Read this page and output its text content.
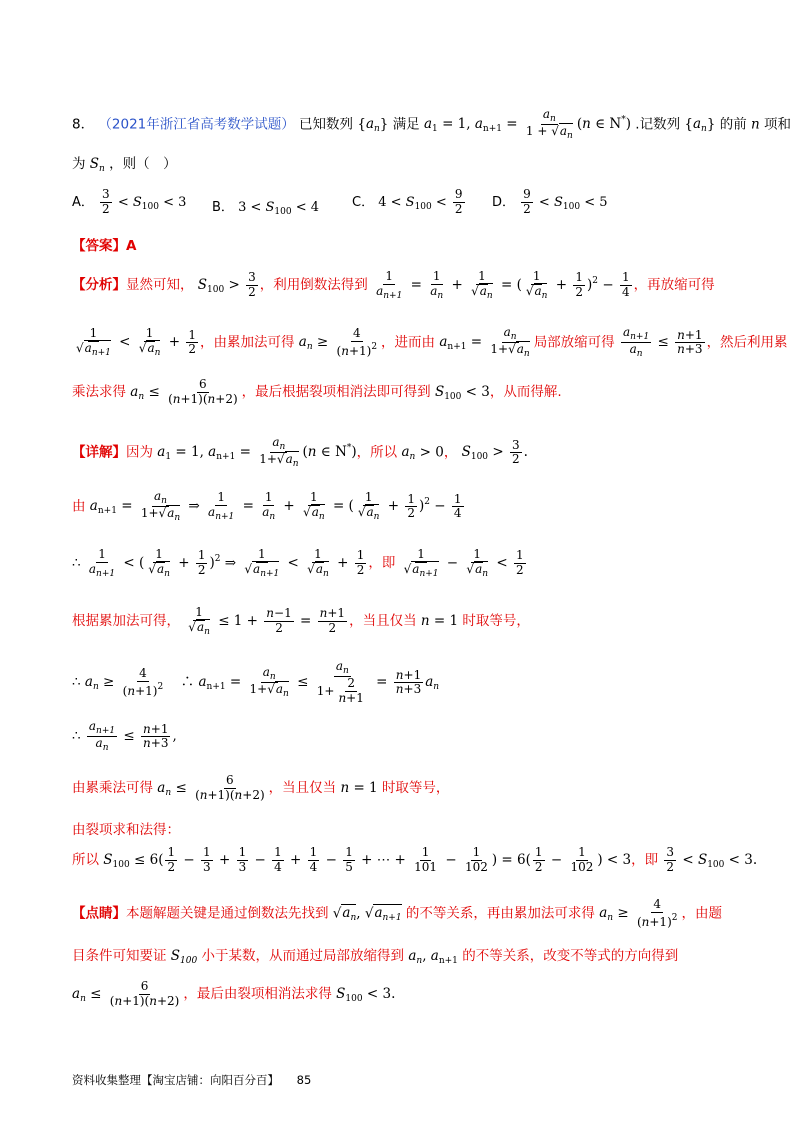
8． （2021年浙江省高考数学试题） 已知数列 $\{a_n\}$ 满足 $a_1 = 1$, $a_{n+1} = \frac{a_n}{1 + √a_n} (n$ ∈ N*) .记数列 $\{a_n\}$ 的前 n 项和
为 $S_n$ ，则（　）
A． $\frac{3}{2} < S_{100} < 3$ B． $3 < S_{100} < 4$	C． $4 < S_{100} < \frac{9}{2}$ D． $\frac{9}{2} < S_{100} < 5$
【答案】A
【分析】显然可知， $S_{100} > \frac{3}{2}$ ，利用倒数法得到 $\frac{1}{a_{n+1}} = \frac{1}{a_n} + \frac{1}{√a_n}$ = ( $\frac{1}{√a_n} + \frac{1}{2} )^2 - \frac{1}{4}$ ，再放缩可得
$\frac{1}{√a_{n+1}} < \frac{1}{√a_n} + \frac{1}{2}$ ，由累加法可得 $a_n \ge \frac{4}{(n+1)^2}$ ，进而由 $a_{n+1} = \frac{a_n}{1+√a_n}$ 局部放缩可得 $\frac{a_{n+1}}{a_n} \le \frac{n+1}{n+3}$ ，然后利用累
乘法求得 $a_n \le \frac{6}{(n+1)(n+2)}$ ，最后根据裂项相消法即可得到 $S_{100} < 3$，从而得解.
【详解】因为 $a_1 = 1$, $a_{n+1} = \frac{a_n}{1+√a_n} (n$ ∈ N*)，所以 $a_n > 0$， $S_{100} > \frac{3}{2}$ .
由 $a_{n+1} = \frac{a_n}{1+√a_n}$ ⇒ $\frac{1}{a_{n+1}} = \frac{1}{a_n} + \frac{1}{√a_n}$ = ( $\frac{1}{√a_n} + \frac{1}{2} )^2 - \frac{1}{4}$
∴ $\frac{1}{a_{n+1}}$ < ( $\frac{1}{√a_n} + \frac{1}{2} )^2$ ⇒ $\frac{1}{√a_{n+1}} < \frac{1}{√a_n} + \frac{1}{2}$ ，即 $\frac{1}{√a_{n+1}} - \frac{1}{√a_n} < \frac{1}{2}$
根据累加法可得， $\frac{1}{√a_n} \le 1 + \frac{n-1}{2} = \frac{n+1}{2}$ ，当且仅当 n = 1 时取等号，
∴ $a_n \ge \frac{4}{(n+1)^2}$ 　∴ $a_{n+1} = \frac{a_n}{1+√a_n} \le \frac{a_n}{1+ \frac{2}{n+1}} = \frac{n+1}{n+3} a_n$
∴ $\frac{a_{n+1}}{a_n} \le \frac{n+1}{n+3}$ ,
由累乘法可得 $a_n \le \frac{6}{(n+1)(n+2)}$ ，当且仅当 n = 1 时取等号，
由裂项求和法得：
所以 $S_{100} \le 6( \frac{1}{2} - \frac{1}{3} + \frac{1}{3} - \frac{1}{4} + \frac{1}{4} - \frac{1}{5}$ + ⋯ + $\frac{1}{101} - \frac{1}{102}$ ) = $6( \frac{1}{2} - \frac{1}{102}$ ) < 3，即 $\frac{3}{2} < S_{100} < 3$.
【点睛】本题解题关键是通过倒数法先找到 $√a_n$, $√a_{n+1}$ 的不等关系，再由累加法可求得 $a_n \ge \frac{4}{(n+1)^2}$ ，由题
目条件可知要证 $S_{100}$ 小于某数，从而通过局部放缩得到 $a_n$, $a_{n+1}$ 的不等关系，改变不等式的方向得到
$a_n \le \frac{6}{(n+1)(n+2)}$ ，最后由裂项相消法求得 $S_{100} < 3$.
资料收集整理【淘宝店铺：向阳百分百】 85
